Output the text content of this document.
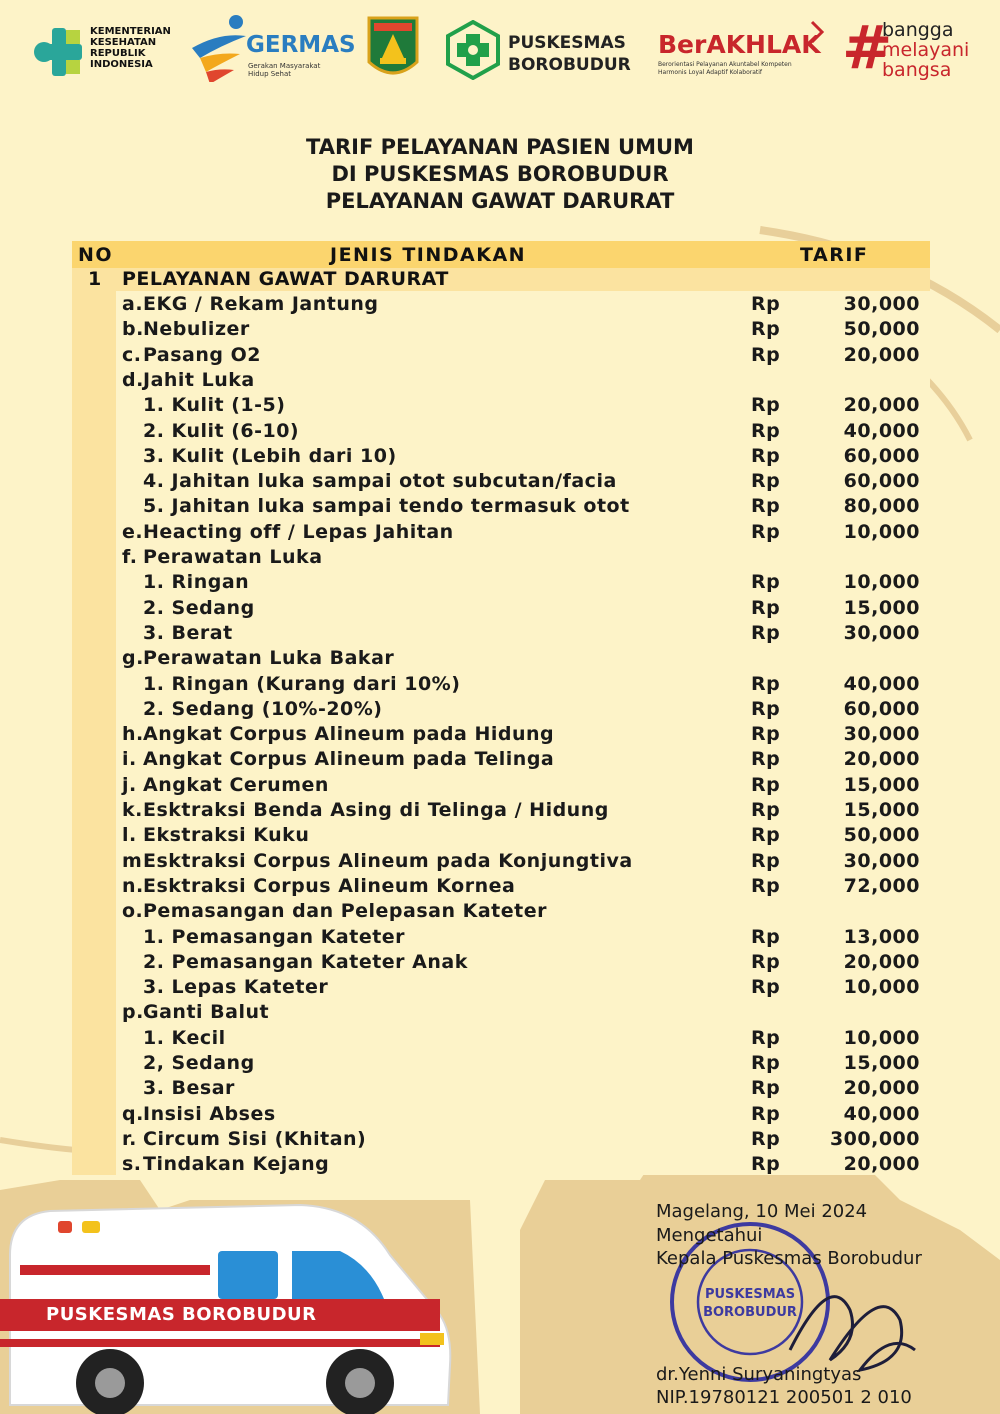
KEMENTERIAN
KESEHATAN
REPUBLIK
INDONESIA
GERMAS
Gerakan Masyarakat
Hidup Sehat
PUSKESMAS
BOROBUDUR
BerAKHLAK
Berorientasi Pelayanan Akuntabel Kompeten
Harmonis Loyal Adaptif Kolaboratif	#
bangga
melayani
bangsa
TARIF PELAYANAN PASIEN UMUM
DI PUSKESMAS BOROBUDUR
PELAYANAN GAWAT DARURAT
NO	JENIS TINDAKAN	TARIF
1 PELAYANAN GAWAT DARURAT
a. EKG / Rekam Jantung	Rp	30,000
b. Nebulizer	Rp	50,000
c. Pasang O2	Rp	20,000
d. Jahit Luka
1. Kulit (1-5)	Rp	20,000
2. Kulit (6-10)	Rp	40,000
3. Kulit (Lebih dari 10)	Rp	60,000
4. Jahitan luka sampai otot subcutan/facia	Rp	60,000
5. Jahitan luka sampai tendo termasuk otot	Rp	80,000
e. Heacting off / Lepas Jahitan	Rp	10,000
f. Perawatan Luka
1. Ringan	Rp	10,000
2. Sedang	Rp	15,000
3. Berat	Rp	30,000
g. Perawatan Luka Bakar
1. Ringan (Kurang dari 10%)	Rp	40,000
2. Sedang (10%-20%)	Rp	60,000
h. Angkat Corpus Alineum pada Hidung	Rp	30,000
i. Angkat Corpus Alineum pada Telinga	Rp	20,000
j. Angkat Cerumen	Rp	15,000
k. Esktraksi Benda Asing di Telinga / Hidung	Rp	15,000
l. Ekstraksi Kuku	Rp	50,000
m Esktraksi Corpus Alineum pada Konjungtiva	Rp	30,000
n. Esktraksi Corpus Alineum Kornea	Rp	72,000
o. Pemasangan dan Pelepasan Kateter
1. Pemasangan Kateter	Rp	13,000
2. Pemasangan Kateter Anak	Rp	20,000
3. Lepas Kateter	Rp	10,000
p. Ganti Balut
1. Kecil	Rp	10,000
2, Sedang	Rp	15,000
3. Besar	Rp	20,000
q. Insisi Abses	Rp	40,000
r. Circum Sisi (Khitan)	Rp	300,000
s. Tindakan Kejang	Rp	20,000
PUSKESMAS BOROBUDUR
PUSKESMAS
BOROBUDUR
Magelang, 10 Mei 2024
Mengetahui
Kepala Puskesmas Borobudur
dr.Yenni Suryaningtyas
NIP.19780121 200501 2 010
